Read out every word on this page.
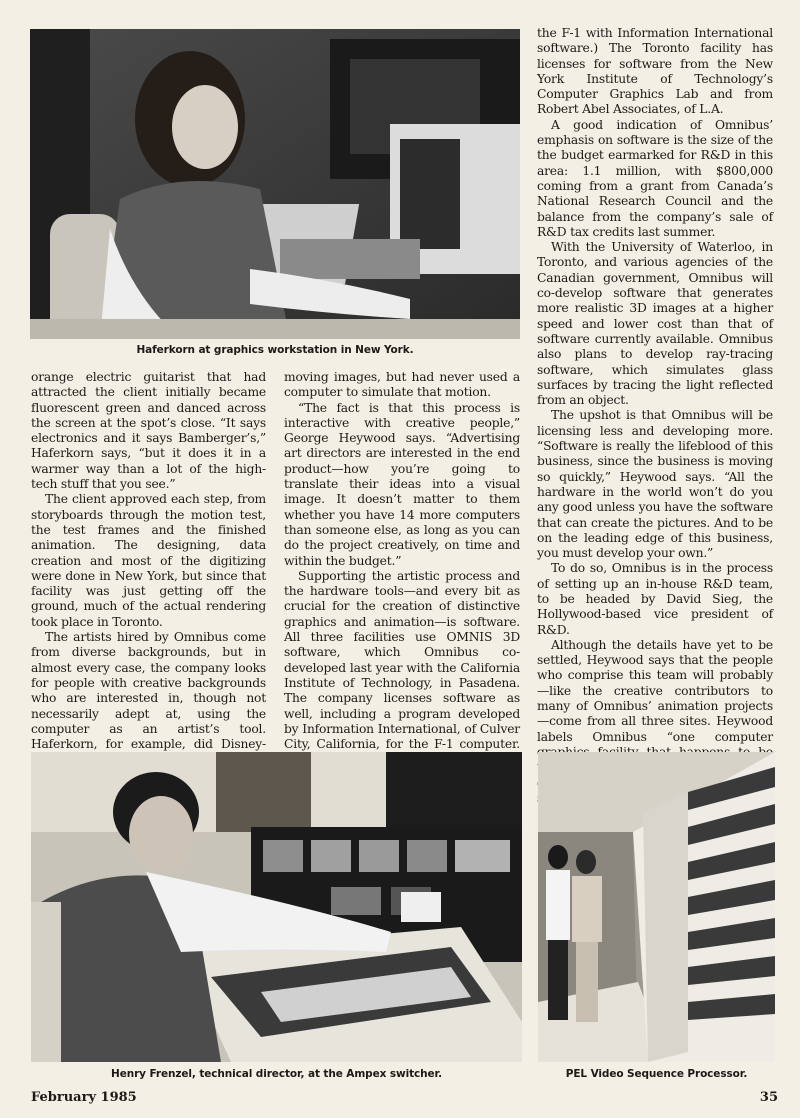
Haferkorn at graphics workstation in New York.

orange electric guitarist that had attracted the client initially became fluorescent green and danced across the screen at the spot’s close. “It says electronics and it says Bamberger’s,” Haferkorn says, “but it does it in a warmer way than a lot of the high-tech stuff that you see.”

The client approved each step, from storyboards through the motion test, the test frames and the finished animation. The designing, data creation and most of the digitizing were done in New York, but since that facility was just getting off the ground, much of the actual rendering took place in Toronto.

The artists hired by Omnibus come from diverse backgrounds, but in almost every case, the company looks for people with creative backgrounds who are interested in, though not necessarily adept at, using the computer as an artist’s tool. Haferkorn, for example, did Disney-

moving images, but had never used a computer to simulate that motion.

“The fact is that this process is interactive with creative people,” George Heywood says. “Advertising art directors are interested in the end product—how you’re going to translate their ideas into a visual image. It doesn’t matter to them whether you have 14 more computers than someone else, as long as you can do the project creatively, on time and within the budget.”

Supporting the artistic process and the hardware tools—and every bit as crucial for the creation of distinctive graphics and animation—is software. All three facilities use OMNIS 3D software, which Omnibus co-developed last year with the California Institute of Technology, in Pasadena. The company licenses software as well, including a program developed by Information International, of Culver City, California, for the F-1 computer.

the F-1 with Information International software.) The Toronto facility has licenses for software from the New York Institute of Technology’s Computer Graphics Lab and from Robert Abel Associates, of L.A.

A good indication of Omnibus’ emphasis on software is the size of the the budget earmarked for R&D in this area: 1.1 million, with $800,000 coming from a grant from Canada’s National Research Council and the balance from the company’s sale of R&D tax credits last summer.

With the University of Waterloo, in Toronto, and various agencies of the Canadian government, Omnibus will co-develop software that generates more realistic 3D images at a higher speed and lower cost than that of software currently available. Omnibus also plans to develop ray-tracing software, which simulates glass surfaces by tracing the light reflected from an object.

The upshot is that Omnibus will be licensing less and developing more. “Software is really the lifeblood of this business, since the business is moving so quickly,” Heywood says. “All the hardware in the world won’t do you any good unless you have the software that can create the pictures. And to be on the leading edge of this business, you must develop your own.”

To do so, Omnibus is in the process of setting up an in-house R&D team, to be headed by David Sieg, the Hollywood-based vice president of R&D.

Although the details have yet to be settled, Heywood says that the people who comprise this team will probably—like the creative contributors to many of Omnibus’ animation projects—come from all three sites. Heywood labels Omnibus “one computer

Henry Frenzel, technical director, at the Ampex switcher.	PEL Video Sequence Processor.
February 1985	35
